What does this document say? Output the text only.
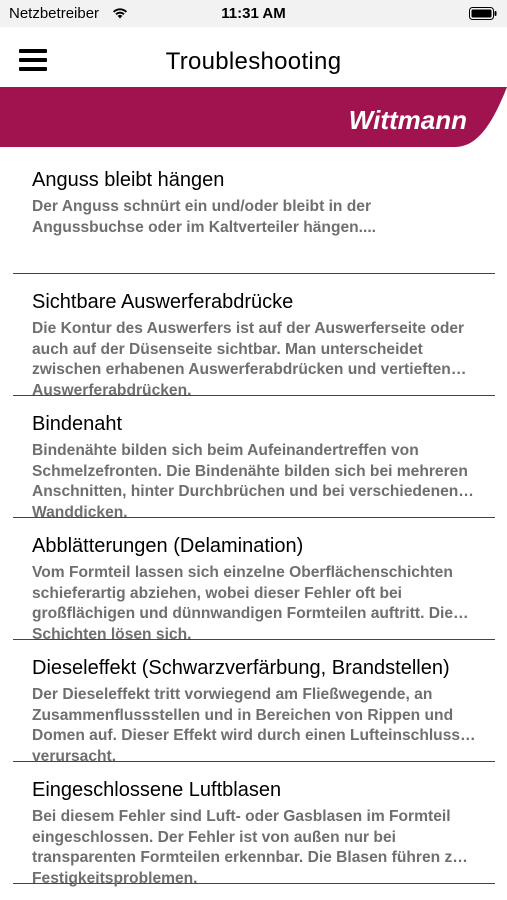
Netzbetreiber	11:31 AM
Troubleshooting
Wittmann
Anguss bleibt hängen
Der Anguss schnürt ein und/oder bleibt in der Angussbuchse oder im Kaltverteiler hängen....
Sichtbare Auswerferabdrücke
Die Kontur des Auswerfers ist auf der Auswerferseite oder auch auf der Düsenseite sichtbar. Man unterscheidet zwischen erhabenen Auswerferabdrücken und vertieften Auswerferabdrücken.
Bindenaht
Bindenähte bilden sich beim Aufeinandertreffen von Schmelzefronten. Die Bindenähte bilden sich bei mehreren Anschnitten, hinter Durchbrüchen und bei verschiedenen Wanddicken.
Abblätterungen (Delamination)
Vom Formteil lassen sich einzelne Oberflächenschichten schieferartig abziehen, wobei dieser Fehler oft bei großflächigen und dünnwandigen Formteilen auftritt. Die Schichten lösen sich.
Dieseleffekt (Schwarzverfärbung, Brandstellen)
Der Dieseleffekt tritt vorwiegend am Fließwegende, an Zusammenflussstellen und in Bereichen von Rippen und Domen auf. Dieser Effekt wird durch einen Lufteinschluss verursacht.
Eingeschlossene Luftblasen
Bei diesem Fehler sind Luft- oder Gasblasen im Formteil eingeschlossen. Der Fehler ist von außen nur bei transparenten Formteilen erkennbar. Die Blasen führen zu Festigkeitsproblemen.
